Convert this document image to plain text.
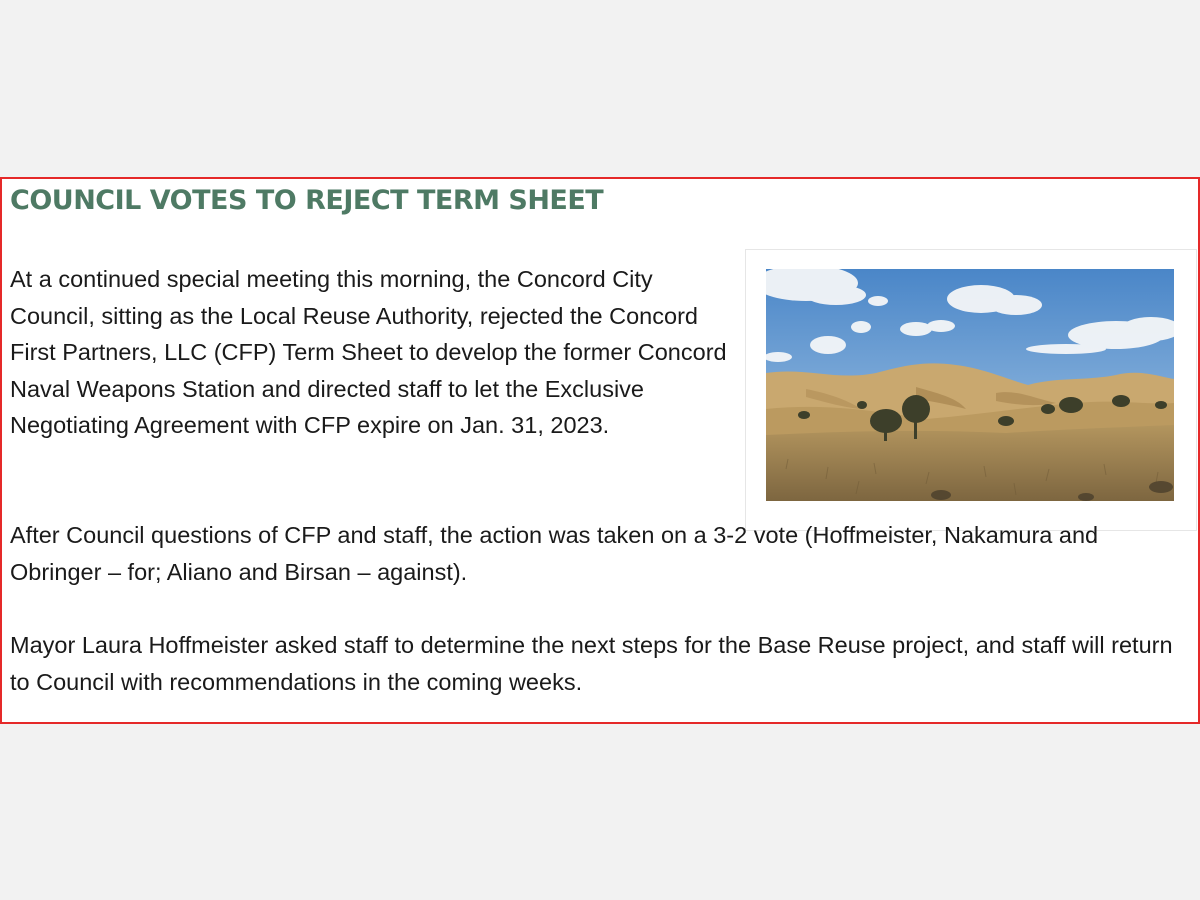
COUNCIL VOTES TO REJECT TERM SHEET

At a continued special meeting this morning, the Concord City Council, sitting as the Local Reuse Authority, rejected the Concord First Partners, LLC (CFP) Term Sheet to develop the former Concord Naval Weapons Station and directed staff to let the Exclusive Negotiating Agreement with CFP expire on Jan. 31, 2023.

After Council questions of CFP and staff, the action was taken on a 3-2 vote (Hoffmeister, Nakamura and Obringer – for; Aliano and Birsan – against).

Mayor Laura Hoffmeister asked staff to determine the next steps for the Base Reuse project, and staff will return to Council with recommendations in the coming weeks.
